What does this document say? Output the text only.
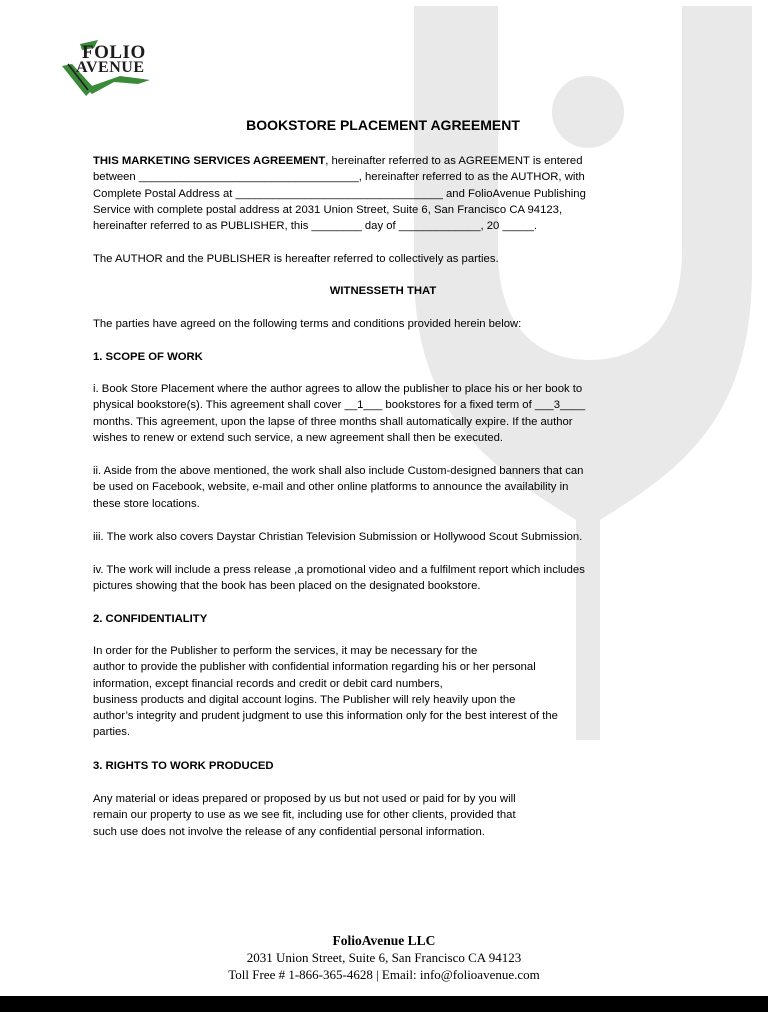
FOLIO
AVENUE
BOOKSTORE PLACEMENT AGREEMENT
THIS MARKETING SERVICES AGREEMENT, hereinafter referred to as AGREEMENT is entered
between ___________________________________, hereinafter referred to as the AUTHOR, with
Complete Postal Address at _________________________________ and FolioAvenue Publishing
Service with complete postal address at 2031 Union Street, Suite 6, San Francisco CA 94123,
hereinafter referred to as PUBLISHER, this ________ day of _____________, 20 _____.
The AUTHOR and the PUBLISHER is hereafter referred to collectively as parties.
WITNESSETH THAT
The parties have agreed on the following terms and conditions provided herein below:
1. SCOPE OF WORK
i. Book Store Placement where the author agrees to allow the publisher to place his or her book to
physical bookstore(s). This agreement shall cover __1___ bookstores for a fixed term of ___3____
months. This agreement, upon the lapse of three months shall automatically expire. If the author
wishes to renew or extend such service, a new agreement shall then be executed.
ii. Aside from the above mentioned, the work shall also include Custom-designed banners that can
be used on Facebook, website, e-mail and other online platforms to announce the availability in
these store locations.
iii. The work also covers Daystar Christian Television Submission or Hollywood Scout Submission.
iv. The work will include a press release ,a promotional video and a fulfilment report which includes
pictures showing that the book has been placed on the designated bookstore.
2. CONFIDENTIALITY
In order for the Publisher to perform the services, it may be necessary for the
author to provide the publisher with confidential information regarding his or her personal
information, except financial records and credit or debit card numbers,
business products and digital account logins. The Publisher will rely heavily upon the
author’s integrity and prudent judgment to use this information only for the best interest of the
parties.
3. RIGHTS TO WORK PRODUCED
Any material or ideas prepared or proposed by us but not used or paid for by you will
remain our property to use as we see fit, including use for other clients, provided that
such use does not involve the release of any confidential personal information.
FolioAvenue LLC
2031 Union Street, Suite 6, San Francisco CA 94123
Toll Free # 1-866-365-4628 | Email: info@folioavenue.com
